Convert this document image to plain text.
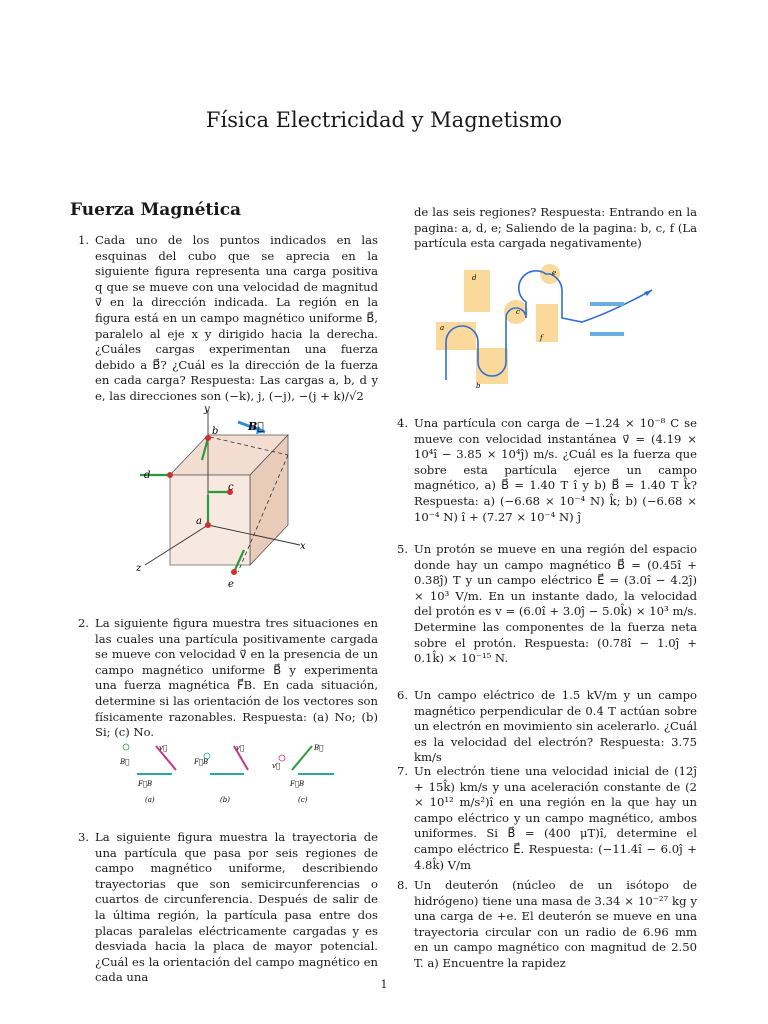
Física Electricidad y Magnetismo
Fuerza Magnética
1. Cada uno de los puntos indicados en las esquinas del cubo que se aprecia en la siguiente figura representa una carga positiva q que se mueve con una velocidad de magnitud v⃗ en la dirección indicada. La región en la figura está en un campo magnético uniforme B⃗, paralelo al eje x y dirigido hacia la derecha. ¿Cuáles cargas experimentan una fuerza debido a B⃗? ¿Cuál es la dirección de la fuerza en cada carga? Respuesta: Las cargas a, b, d y e, las direcciones son (−k), j, (−j), −(j + k)/√2
y
x
z
b
c
d
a
e
B⃗
2. La siguiente figura muestra tres situaciones en las cuales una partícula positivamente cargada se mueve con velocidad v⃗ en la presencia de un campo magnético uniforme B⃗ y experimenta una fuerza magnética F⃗B. En cada situación, determine si las orientación de los vectores son físicamente razonables. Respuesta: (a) No; (b) Si; (c) No.
B⃗
v⃗
F⃗B
(a)
F⃗B
v⃗
(b)
v⃗
B⃗
F⃗B
(c)
3. La siguiente figura muestra la trayectoria de una partícula que pasa por seis regiones de campo magnético uniforme, describiendo trayectorias que son semicircunferencias o cuartos de circunferencia. Después de salir de la última región, la partícula pasa entre dos placas paralelas eléctricamente cargadas y es desviada hacia la placa de mayor potencial. ¿Cuál es la orientación del campo magnético en cada una
de las seis regiones? Respuesta: Entrando en la pagina: a, d, e; Saliendo de la pagina: b, c, f (La partícula esta cargada negativamente)
d
a
b
c
e
f
4. Una partícula con carga de −1.24 × 10⁻⁸ C se mueve con velocidad instantánea v⃗ = (4.19 × 10⁴î − 3.85 × 10⁴ĵ) m/s. ¿Cuál es la fuerza que sobre esta partícula ejerce un campo magnético, a) B⃗ = 1.40 T î y b) B⃗ = 1.40 T k̂? Respuesta: a) (−6.68 × 10⁻⁴ N) k̂; b) (−6.68 × 10⁻⁴ N) î + (7.27 × 10⁻⁴ N) ĵ
5. Un protón se mueve en una región del espacio donde hay un campo magnético B⃗ = (0.45î + 0.38ĵ) T y un campo eléctrico E⃗ = (3.0î − 4.2ĵ) × 10³ V/m. En un instante dado, la velocidad del protón es v = (6.0î + 3.0ĵ − 5.0k̂) × 10³ m/s. Determine las componentes de la fuerza neta sobre el protón. Respuesta: (0.78î − 1.0ĵ + 0.1k̂) × 10⁻¹⁵ N.
6. Un campo eléctrico de 1.5 kV/m y un campo magnético perpendicular de 0.4 T actúan sobre un electrón en movimiento sin acelerarlo. ¿Cuál es la velocidad del electrón? Respuesta: 3.75 km/s
7. Un electrón tiene una velocidad inicial de (12ĵ + 15k̂) km/s y una aceleración constante de (2 × 10¹² m/s²)î en una región en la que hay un campo eléctrico y un campo magnético, ambos uniformes. Si B⃗ = (400 μT)î, determine el campo eléctrico E⃗. Respuesta: (−11.4î − 6.0ĵ + 4.8k̂) V/m
8. Un deuterón (núcleo de un isótopo de hidrógeno) tiene una masa de 3.34 × 10⁻²⁷ kg y una carga de +e. El deuterón se mueve en una trayectoria circular con un radio de 6.96 mm en un campo magnético con magnitud de 2.50 T. a) Encuentre la rapidez
1
